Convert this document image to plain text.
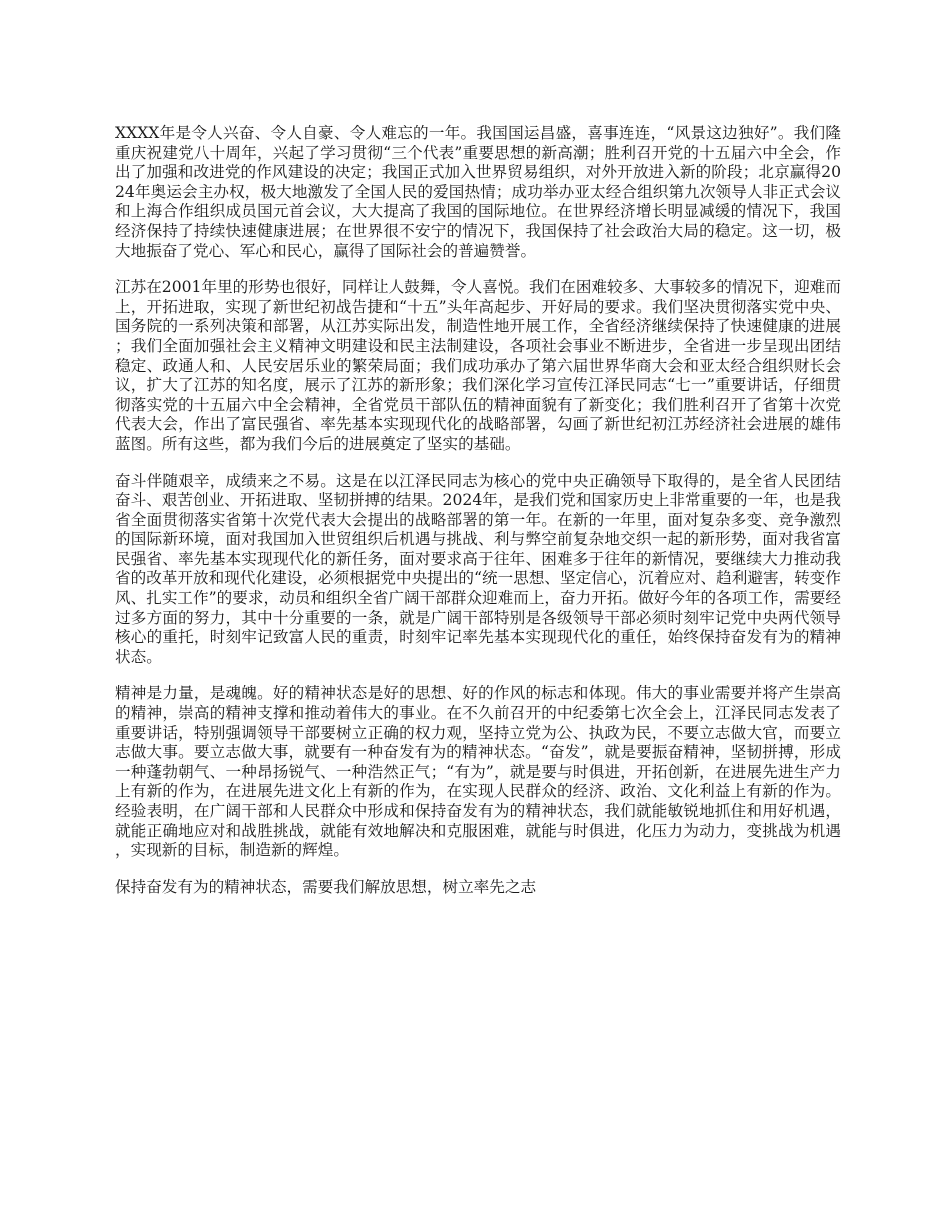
XXXX年是令人兴奋、令人自豪、令人难忘的一年。我国国运昌盛，喜事连连，“风景这边独好”。我们隆重庆祝建党八十周年，兴起了学习贯彻“三个代表”重要思想的新高潮；胜利召开党的十五届六中全会，作出了加强和改进党的作风建设的决定；我国正式加入世界贸易组织，对外开放进入新的阶段；北京赢得2024年奥运会主办权，极大地激发了全国人民的爱国热情；成功举办亚太经合组织第九次领导人非正式会议和上海合作组织成员国元首会议，大大提高了我国的国际地位。在世界经济增长明显减缓的情况下，我国经济保持了持续快速健康进展；在世界很不安宁的情况下，我国保持了社会政治大局的稳定。这一切，极大地振奋了党心、军心和民心，赢得了国际社会的普遍赞誉。

江苏在2001年里的形势也很好，同样让人鼓舞，令人喜悦。我们在困难较多、大事较多的情况下，迎难而上，开拓进取，实现了新世纪初战告捷和“十五”头年高起步、开好局的要求。我们坚决贯彻落实党中央、国务院的一系列决策和部署，从江苏实际出发，制造性地开展工作，全省经济继续保持了快速健康的进展；我们全面加强社会主义精神文明建设和民主法制建设，各项社会事业不断进步，全省进一步呈现出团结稳定、政通人和、人民安居乐业的繁荣局面；我们成功承办了第六届世界华商大会和亚太经合组织财长会议，扩大了江苏的知名度，展示了江苏的新形象；我们深化学习宣传江泽民同志“七一”重要讲话，仔细贯彻落实党的十五届六中全会精神，全省党员干部队伍的精神面貌有了新变化；我们胜利召开了省第十次党代表大会，作出了富民强省、率先基本实现现代化的战略部署，勾画了新世纪初江苏经济社会进展的雄伟蓝图。所有这些，都为我们今后的进展奠定了坚实的基础。

奋斗伴随艰辛，成绩来之不易。这是在以江泽民同志为核心的党中央正确领导下取得的，是全省人民团结奋斗、艰苦创业、开拓进取、坚韧拼搏的结果。2024年，是我们党和国家历史上非常重要的一年，也是我省全面贯彻落实省第十次党代表大会提出的战略部署的第一年。在新的一年里，面对复杂多变、竞争激烈的国际新环境，面对我国加入世贸组织后机遇与挑战、利与弊空前复杂地交织一起的新形势，面对我省富民强省、率先基本实现现代化的新任务，面对要求高于往年、困难多于往年的新情况，要继续大力推动我省的改革开放和现代化建设，必须根据党中央提出的“统一思想、坚定信心，沉着应对、趋利避害，转变作风、扎实工作”的要求，动员和组织全省广阔干部群众迎难而上，奋力开拓。做好今年的各项工作，需要经过多方面的努力，其中十分重要的一条，就是广阔干部特别是各级领导干部必须时刻牢记党中央两代领导核心的重托，时刻牢记致富人民的重责，时刻牢记率先基本实现现代化的重任，始终保持奋发有为的精神状态。

精神是力量，是魂魄。好的精神状态是好的思想、好的作风的标志和体现。伟大的事业需要并将产生崇高的精神，崇高的精神支撑和推动着伟大的事业。在不久前召开的中纪委第七次全会上，江泽民同志发表了重要讲话，特别强调领导干部要树立正确的权力观，坚持立党为公、执政为民，不要立志做大官，而要立志做大事。要立志做大事，就要有一种奋发有为的精神状态。“奋发”，就是要振奋精神，坚韧拼搏，形成一种蓬勃朝气、一种昂扬锐气、一种浩然正气；“有为”，就是要与时俱进，开拓创新，在进展先进生产力上有新的作为，在进展先进文化上有新的作为，在实现人民群众的经济、政治、文化利益上有新的作为。经验表明，在广阔干部和人民群众中形成和保持奋发有为的精神状态，我们就能敏锐地抓住和用好机遇，就能正确地应对和战胜挑战，就能有效地解决和克服困难，就能与时俱进，化压力为动力，变挑战为机遇，实现新的目标，制造新的辉煌。

保持奋发有为的精神状态，需要我们解放思想，树立率先之志
